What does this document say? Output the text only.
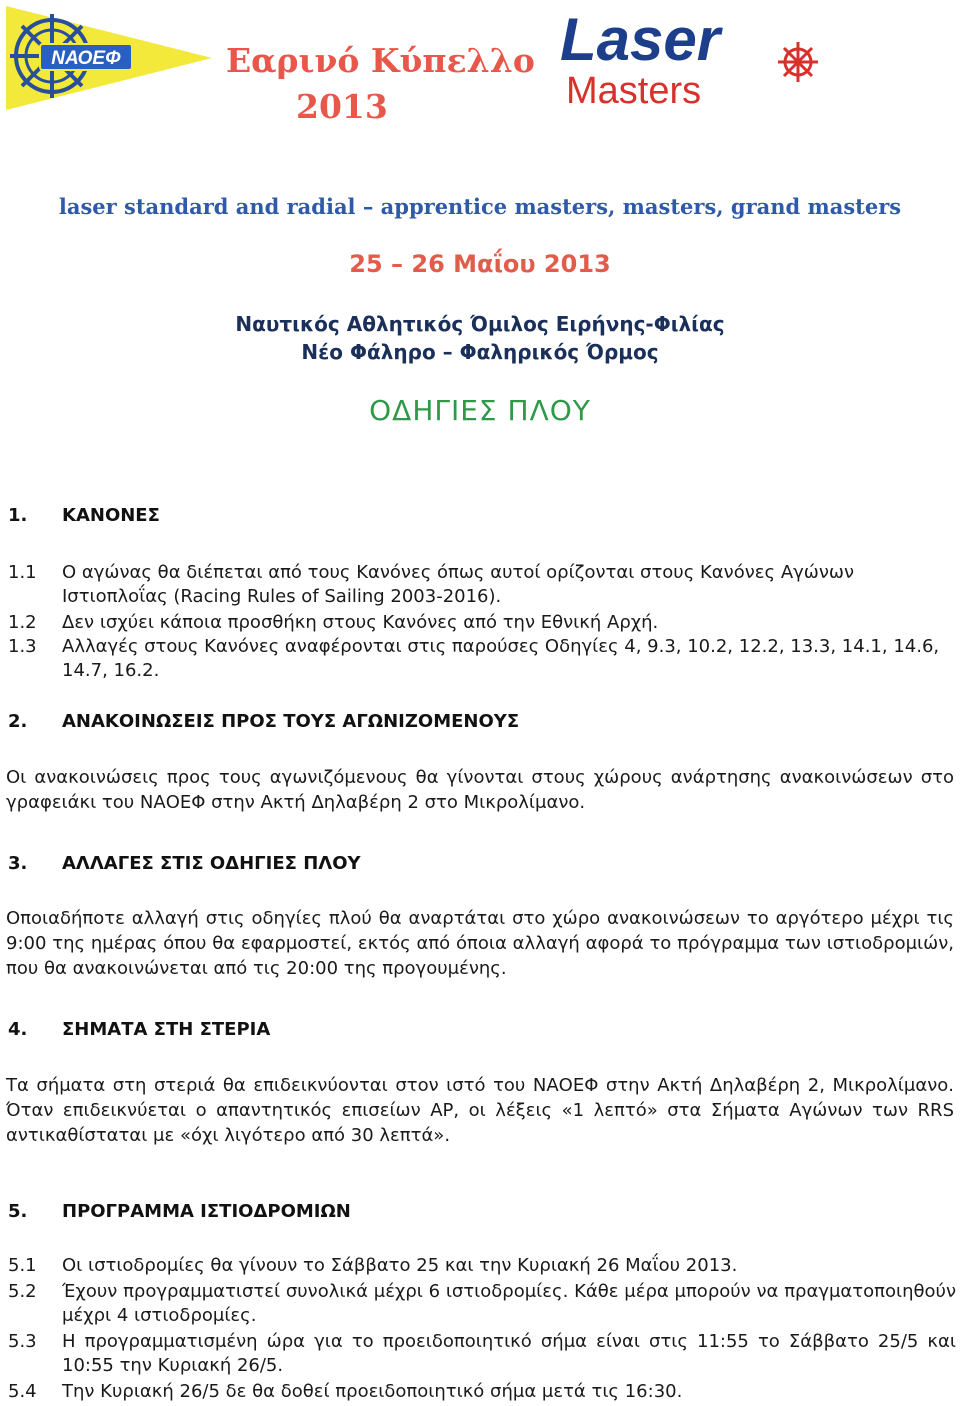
ΝΑΟΕΦ	Εαρινό Κύπελλο
2013
Laser
Masters
laser standard and radial – apprentice masters, masters, grand masters
25 – 26 Μαΐου 2013
Ναυτικός Αθλητικός Όμιλος Ειρήνης-Φιλίας
Νέο Φάληρο – Φαληρικός Όρμος
ΟΔΗΓΙΕΣ ΠΛΟΥ
1. ΚΑΝΟΝΕΣ
1.1 Ο αγώνας θα διέπεται από τους Κανόνες όπως αυτοί ορίζονται στους Κανόνες Αγώνων Ιστιοπλοΐας (Racing Rules of Sailing 2003-2016).
1.2 Δεν ισχύει κάποια προσθήκη στους Κανόνες από την Εθνική Αρχή.
1.3 Αλλαγές στους Κανόνες αναφέρονται στις παρούσες Οδηγίες 4, 9.3, 10.2, 12.2, 13.3, 14.1, 14.6, 14.7, 16.2.
2. ΑΝΑΚΟΙΝΩΣΕΙΣ ΠΡΟΣ ΤΟΥΣ ΑΓΩΝΙΖΟΜΕΝΟΥΣ
Οι ανακοινώσεις προς τους αγωνιζόμενους θα γίνονται στους χώρους ανάρτησης ανακοινώσεων στο γραφειάκι του ΝΑΟΕΦ στην Ακτή Δηλαβέρη 2 στο Μικρολίμανο.
3. ΑΛΛΑΓΕΣ ΣΤΙΣ ΟΔΗΓΙΕΣ ΠΛΟΥ
Οποιαδήποτε αλλαγή στις οδηγίες πλού θα αναρτάται στο χώρο ανακοινώσεων το αργότερο μέχρι τις 9:00 της ημέρας όπου θα εφαρμοστεί, εκτός από όποια αλλαγή αφορά το πρόγραμμα των ιστιοδρομιών, που θα ανακοινώνεται από τις 20:00 της προγουμένης.
4. ΣΗΜΑΤΑ ΣΤΗ ΣΤΕΡΙΑ
Τα σήματα στη στεριά θα επιδεικνύονται στον ιστό του ΝΑΟΕΦ στην Ακτή Δηλαβέρη 2, Μικρολίμανο. Όταν επιδεικνύεται ο απαντητικός επισείων AP, οι λέξεις «1 λεπτό» στα Σήματα Αγώνων των RRS αντικαθίσταται με «όχι λιγότερο από 30 λεπτά».
5. ΠΡΟΓΡΑΜΜΑ ΙΣΤΙΟΔΡΟΜΙΩΝ
5.1 Οι ιστιοδρομίες θα γίνουν το Σάββατο 25 και την Κυριακή 26 Μαΐου 2013.
5.2 Έχουν προγραμματιστεί συνολικά μέχρι 6 ιστιοδρομίες. Κάθε μέρα μπορούν να πραγματοποιηθούν μέχρι 4 ιστιοδρομίες.
5.3 Η προγραμματισμένη ώρα για το προειδοποιητικό σήμα είναι στις 11:55 το Σάββατο 25/5 και 10:55 την Κυριακή 26/5.
5.4 Την Κυριακή 26/5 δε θα δοθεί προειδοποιητικό σήμα μετά τις 16:30.
